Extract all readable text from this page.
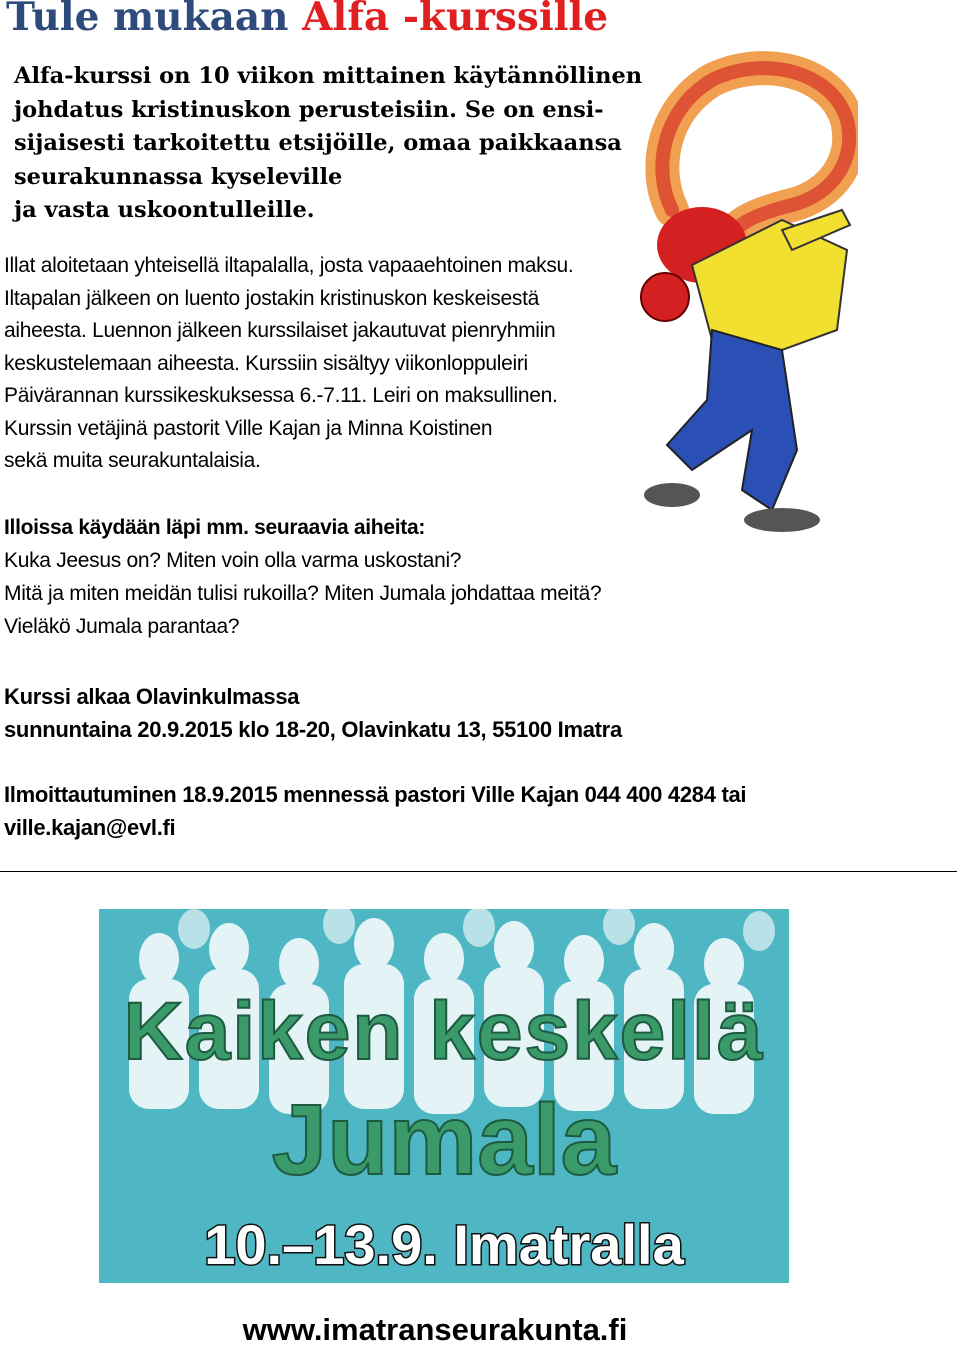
Tule mukaan Alfa -kurssille
Alfa-kurssi on 10 viikon mittainen käytännöllinen
johdatus kristinuskon perusteisiin. Se on ensi-
sijaisesti tarkoitettu etsijöille, omaa paikkaansa
seurakunnassa kyseleville
ja vasta uskoontulleille.
Illat aloitetaan yhteisellä iltapalalla, josta vapaaehtoinen maksu.
Iltapalan jälkeen on luento jostakin kristinuskon keskeisestä
aiheesta. Luennon jälkeen kurssilaiset jakautuvat pienryhmiin
keskustelemaan aiheesta. Kurssiin sisältyy viikonloppuleiri
Päivärannan kurssikeskuksessa 6.-7.11. Leiri on maksullinen.
Kurssin vetäjinä pastorit Ville Kajan ja Minna Koistinen
sekä muita seurakuntalaisia.
Illoissa käydään läpi mm. seuraavia aiheita:
Kuka Jeesus on? Miten voin olla varma uskostani?
Mitä ja miten meidän tulisi rukoilla? Miten Jumala johdattaa meitä?
Vieläkö Jumala parantaa?
Kurssi alkaa Olavinkulmassa
sunnuntaina 20.9.2015 klo 18-20, Olavinkatu 13, 55100 Imatra
Ilmoittautuminen 18.9.2015 mennessä pastori Ville Kajan 044 400 4284 tai
ville.kajan@evl.fi
Kaiken keskellä
Jumala
10.–13.9. Imatralla
www.imatranseurakunta.fi
